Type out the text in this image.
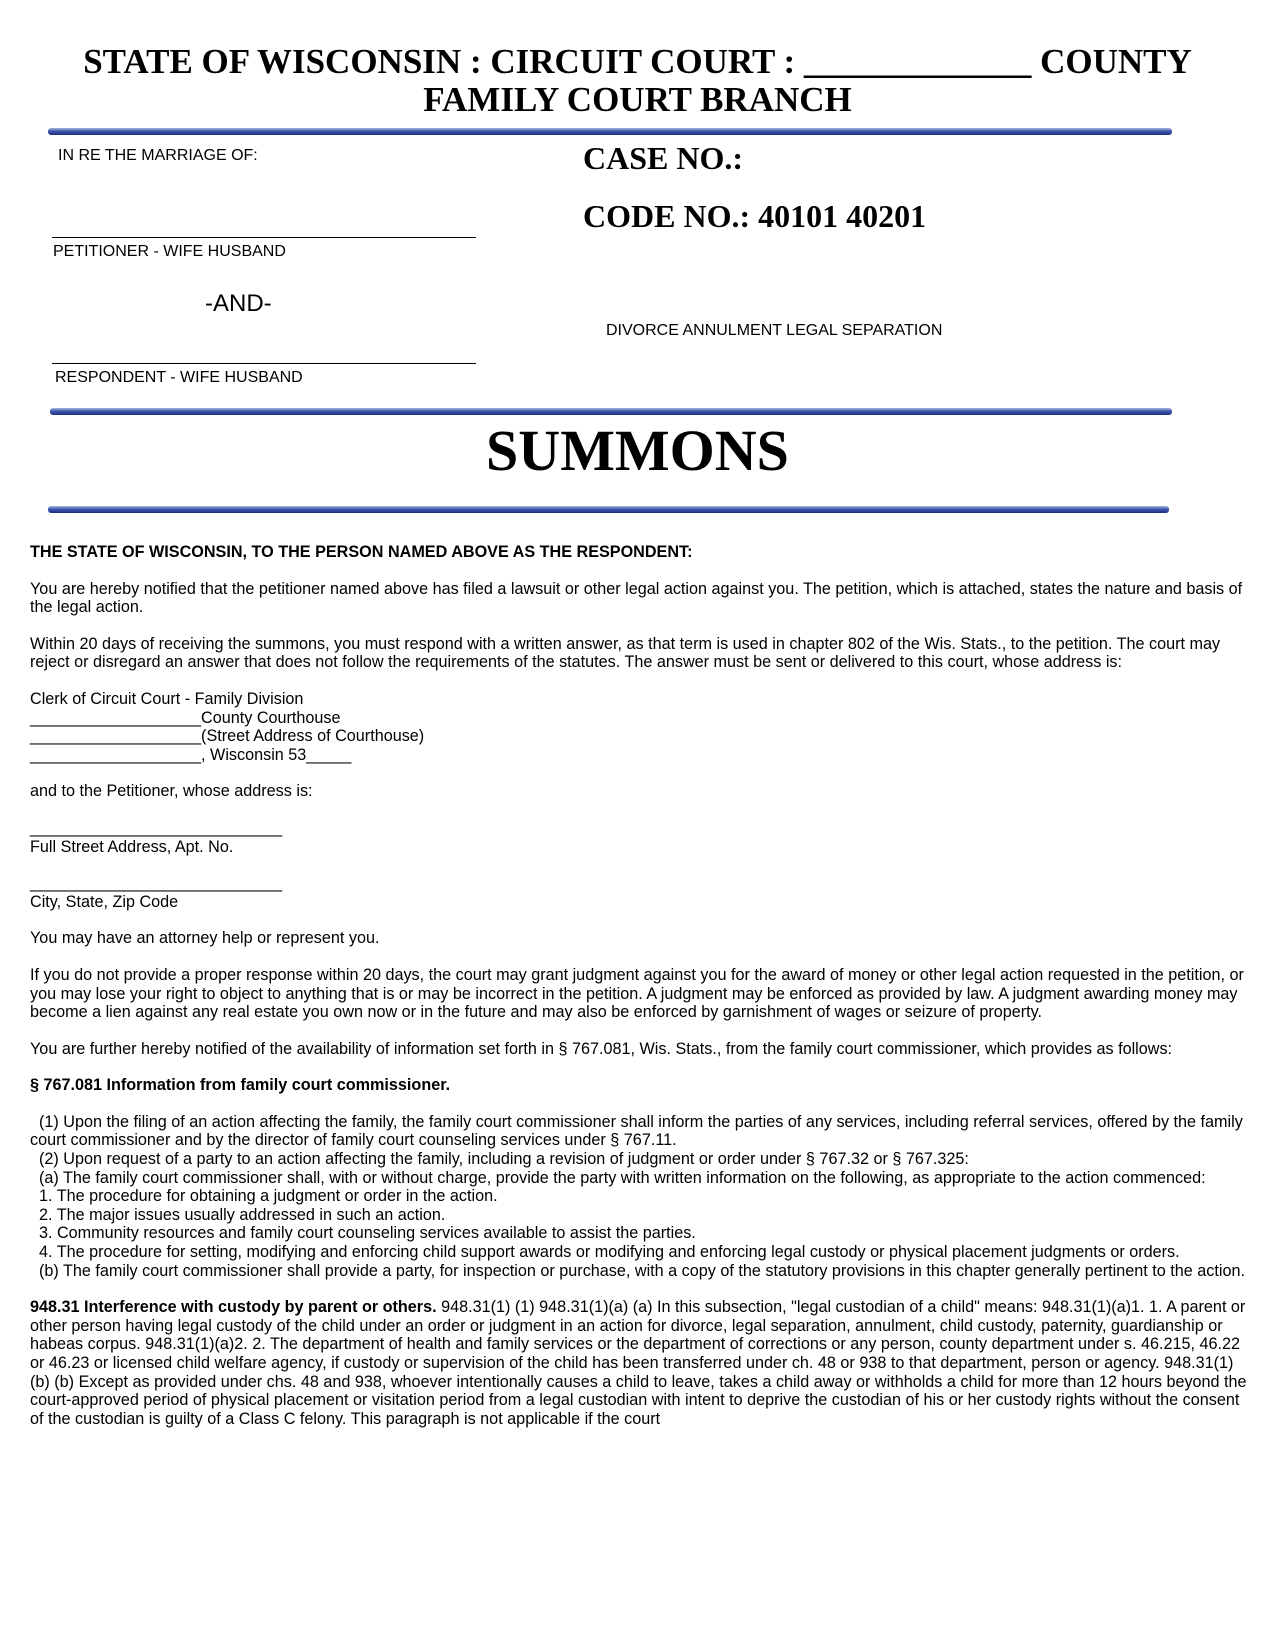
STATE OF WISCONSIN : CIRCUIT COURT : _____________ COUNTY
FAMILY COURT BRANCH
IN RE THE MARRIAGE OF:
PETITIONER - WIFE HUSBAND
-AND-
RESPONDENT - WIFE HUSBAND
CASE NO.:
CODE NO.: 40101 40201
DIVORCE ANNULMENT LEGAL SEPARATION
SUMMONS

THE STATE OF WISCONSIN, TO THE PERSON NAMED ABOVE AS THE RESPONDENT:

You are hereby notified that the petitioner named above has filed a lawsuit or other legal action against you. The petition, which is attached, states the nature and basis of the legal action.

Within 20 days of receiving the summons, you must respond with a written answer, as that term is used in chapter 802 of the Wis. Stats., to the petition. The court may reject or disregard an answer that does not follow the requirements of the statutes. The answer must be sent or delivered to this court, whose address is:

Clerk of Circuit Court - Family Division

___________________County Courthouse

___________________(Street Address of Courthouse)

___________________, Wisconsin 53_____

and to the Petitioner, whose address is:

____________________________

Full Street Address, Apt. No.

____________________________

City, State, Zip Code

You may have an attorney help or represent you.

If you do not provide a proper response within 20 days, the court may grant judgment against you for the award of money or other legal action requested in the petition, or you may lose your right to object to anything that is or may be incorrect in the petition. A judgment may be enforced as provided by law. A judgment awarding money may become a lien against any real estate you own now or in the future and may also be enforced by garnishment of wages or seizure of property.

You are further hereby notified of the availability of information set forth in § 767.081, Wis. Stats., from the family court commissioner, which provides as follows:

§ 767.081 Information from family court commissioner.

(1) Upon the filing of an action affecting the family, the family court commissioner shall inform the parties of any services, including referral services, offered by the family court commissioner and by the director of family court counseling services under § 767.11.

(2) Upon request of a party to an action affecting the family, including a revision of judgment or order under § 767.32 or § 767.325:

(a) The family court commissioner shall, with or without charge, provide the party with written information on the following, as appropriate to the action commenced:

1. The procedure for obtaining a judgment or order in the action.

2. The major issues usually addressed in such an action.

3. Community resources and family court counseling services available to assist the parties.

4. The procedure for setting, modifying and enforcing child support awards or modifying and enforcing legal custody or physical placement judgments or orders.

(b) The family court commissioner shall provide a party, for inspection or purchase, with a copy of the statutory provisions in this chapter generally pertinent to the action.

948.31 Interference with custody by parent or others. 948.31(1) (1) 948.31(1)(a) (a) In this subsection, "legal custodian of a child" means: 948.31(1)(a)1. 1. A parent or other person having legal custody of the child under an order or judgment in an action for divorce, legal separation, annulment, child custody, paternity, guardianship or habeas corpus. 948.31(1)(a)2. 2. The department of health and family services or the department of corrections or any person, county department under s. 46.215, 46.22 or 46.23 or licensed child welfare agency, if custody or supervision of the child has been transferred under ch. 48 or 938 to that department, person or agency. 948.31(1)(b) (b) Except as provided under chs. 48 and 938, whoever intentionally causes a child to leave, takes a child away or withholds a child for more than 12 hours beyond the court-approved period of physical placement or visitation period from a legal custodian with intent to deprive the custodian of his or her custody rights without the consent of the custodian is guilty of a Class C felony. This paragraph is not applicable if the court
